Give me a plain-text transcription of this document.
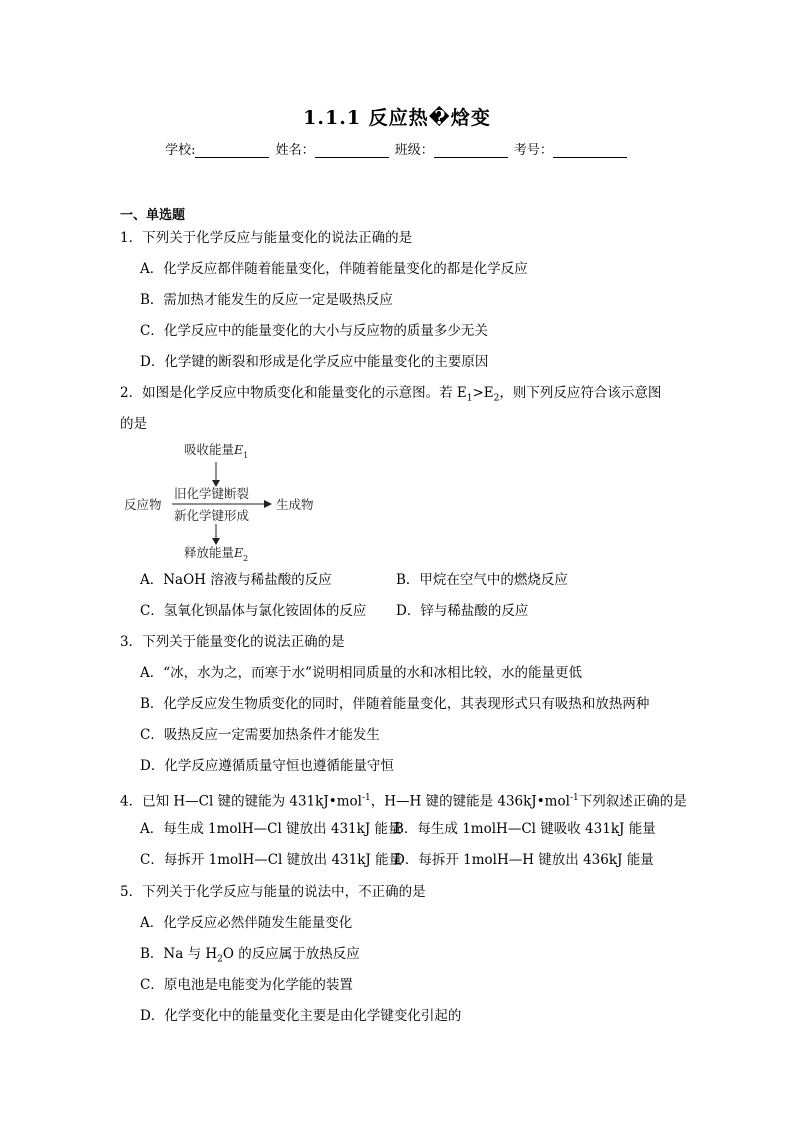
1.1.1 反应热�焓变
学校:	姓名：	班级：	考号：
一、单选题
1．下列关于化学反应与能量变化的说法正确的是
A．化学反应都伴随着能量变化，伴随着能量变化的都是化学反应
B．需加热才能发生的反应一定是吸热反应
C．化学反应中的能量变化的大小与反应物的质量多少无关
D．化学键的断裂和形成是化学反应中能量变化的主要原因
2．如图是化学反应中物质变化和能量变化的示意图。若 $E_1>E_2$，则下列反应符合该示意图
的是
吸收能量$E_1$
旧化学键断裂
反应物	生成物
新化学键形成
释放能量$E_2$
A．NaOH 溶液与稀盐酸的反应	B．甲烷在空气中的燃烧反应
C．氢氧化钡晶体与氯化铵固体的反应 D．锌与稀盐酸的反应
3．下列关于能量变化的说法正确的是
A．“冰，水为之，而寒于水”说明相同质量的水和冰相比较，水的能量更低
B．化学反应发生物质变化的同时，伴随着能量变化，其表现形式只有吸热和放热两种
C．吸热反应一定需要加热条件才能发生
D．化学反应遵循质量守恒也遵循能量守恒
4．已知 H—Cl 键的键能为 431kJ•mol$^{-1}$，H—H 键的键能是 436kJ•mol$^{-1}$下列叙述正确的是
A．每生成 1molH—Cl 键放出 431kJ 能量
B．每生成 1molH—Cl 键吸收 431kJ 能量
C．每拆开 1molH—Cl 键放出 431kJ 能量
D．每拆开 1molH—H 键放出 436kJ 能量
5．下列关于化学反应与能量的说法中，不正确的是
A．化学反应必然伴随发生能量变化
B．Na 与 $H_2O$ 的反应属于放热反应
C．原电池是电能变为化学能的装置
D．化学变化中的能量变化主要是由化学键变化引起的
